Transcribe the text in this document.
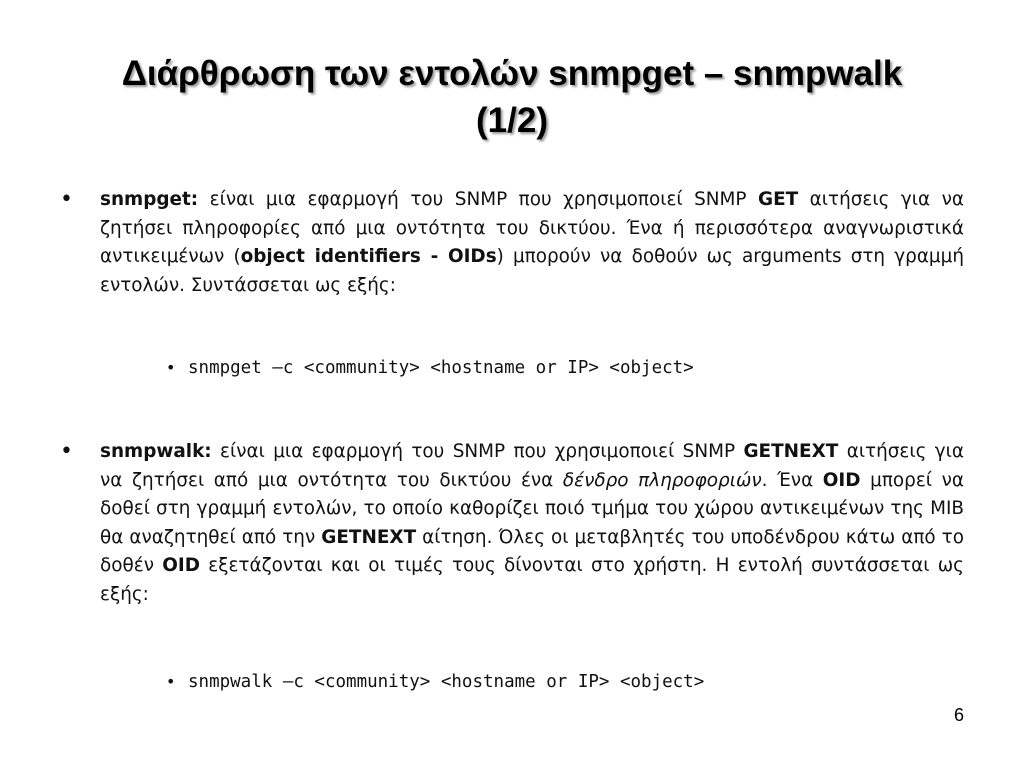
Διάρθρωση των εντολών snmpget – snmpwalk
(1/2)
• snmpget: είναι μια εφαρμογή του SNMP που χρησιμοποιεί SNMP GET αιτήσεις για να ζητήσει πληροφορίες από μια οντότητα του δικτύου. Ένα ή περισσότερα αναγνωριστικά αντικειμένων (object identifiers - OIDs) μπορούν να δοθούν ως arguments στη γραμμή εντολών. Συντάσσεται ως εξής:
• snmpget –c <community> <hostname or IP> <object>
• snmpwalk: είναι μια εφαρμογή του SNMP που χρησιμοποιεί SNMP GETNEXT αιτήσεις για να ζητήσει από μια οντότητα του δικτύου ένα δένδρο πληροφοριών. Ένα OID μπορεί να δοθεί στη γραμμή εντολών, το οποίο καθορίζει ποιό τμήμα του χώρου αντικειμένων της MIB θα αναζητηθεί από την GETNEXT αίτηση. Όλες οι μεταβλητές του υποδένδρου κάτω από το δοθέν OID εξετάζονται και οι τιμές τους δίνονται στο χρήστη. Η εντολή συντάσσεται ως εξής:
• snmpwalk –c <community> <hostname or IP> <object>
6
